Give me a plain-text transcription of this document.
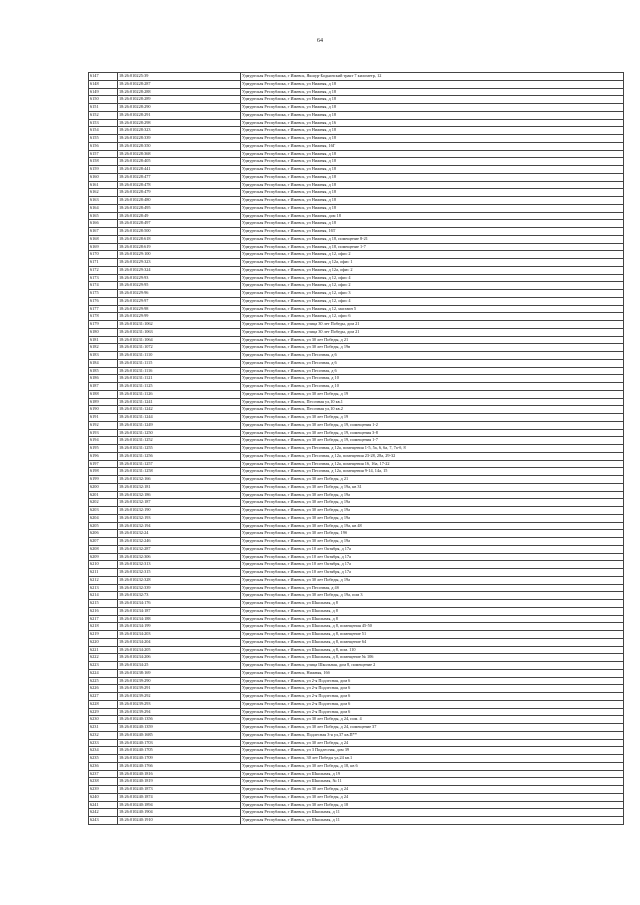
64
6147	18:26:010225:39	Удмуртская Республика, г Ижевск, Якшур-Бодьинский тракт 7 километр, 12
6148	18:26:010228:287	Удмуртская Республика, г Ижевск, ул Нижняя, д 18
6149	18:26:010228:288	Удмуртская Республика, г Ижевск, ул Нижняя, д 18
6150	18:26:010228:289	Удмуртская Республика, г Ижевск, ул Нижняя, д 18
6151	18:26:010228:290	Удмуртская Республика, г Ижевск, ул Нижняя, д 18
6152	18:26:010228:291	Удмуртская Республика, г Ижевск, ул Нижняя, д 18
6153	18:26:010228:298	Удмуртская Республика, г Ижевск, ул Нижняя, д 16
6154	18:26:010228:323	Удмуртская Республика, г Ижевск, ул Нижняя, д 18
6155	18:26:010228:339	Удмуртская Республика, г Ижевск, ул Нижняя, д 18
6156	18:26:010228:350	Удмуртская Республика, г Ижевск, ул Нижняя, 16Г
6157	18:26:010228:368	Удмуртская Республика, г Ижевск, ул Нижняя, д 18
6158	18:26:010228:405	Удмуртская Республика, г Ижевск, ул Нижняя, д 18
6159	18:26:010228:441	Удмуртская Республика, г Ижевск, ул Нижняя, д 18
6160	18:26:010228:477	Удмуртская Республика, г Ижевск, ул Нижняя, д 18
6161	18:26:010228:478	Удмуртская Республика, г Ижевск, ул Нижняя, д 18
6162	18:26:010228:479	Удмуртская Республика, г Ижевск, ул Нижняя, д 18
6163	18:26:010228:480	Удмуртская Республика, г Ижевск, ул Нижняя, д 18
6164	18:26:010228:495	Удмуртская Республика, г Ижевск, ул Нижняя, д 18
6165	18:26:010228:49	Удмуртская Республика, г Ижевск, ул Нижняя, дом 18
6166	18:26:010228:497	Удмуртская Республика, г Ижевск, ул Нижняя, д 18
6167	18:26:010228:500	Удмуртская Республика, г Ижевск, ул Нижняя, 16Т
6168	18:26:010228:618	Удмуртская Республика, г Ижевск, ул Нижняя, д 18, помещение 8-21
6169	18:26:010228:619	Удмуртская Республика, г Ижевск, ул Нижняя, д 18, помещение 1-7
6170	18:26:010229:100	Удмуртская Республика, г Ижевск, ул Нижняя, д 12, офис 2
6171	18:26:010229:323	Удмуртская Республика, г Ижевск, ул Нижняя, д 12а, офис 1
6172	18:26:010229:324	Удмуртская Республика, г Ижевск, ул Нижняя, д 12а, офис 2
6173	18:26:010229:93	Удмуртская Республика, г Ижевск, ул Нижняя, д 12, офис 4
6174	18:26:010229:95	Удмуртская Республика, г Ижевск, ул Нижняя, д 12, офис 2
6175	18:26:010229:96	Удмуртская Республика, г Ижевск, ул Нижняя, д 12, офис 3
6176	18:26:010229:97	Удмуртская Республика, г Ижевск, ул Нижняя, д 12, офис 4
6177	18:26:010229:98	Удмуртская Республика, г Ижевск, ул Нижняя, д 12, магазин 5
6178	18:26:010229:99	Удмуртская Республика, г Ижевск, ул Нижняя, д 12, офис 6
6179	18:26:010231:1062	Удмуртская Республика, г Ижевск, улица 30 лет Победы, дом 21
6180	18:26:010231:1063	Удмуртская Республика, г Ижевск, улица 30 лет Победы, дом 21
6181	18:26:010231:1064	Удмуртская Республика, г Ижевск, ул 30 лет Победы, д 21
6182	18:26:010231:1072	Удмуртская Республика, г Ижевск, ул 30 лет Победы, д 19в
6183	18:26:010231:1110	Удмуртская Республика, г Ижевск, ул Песочная, д 6
6184	18:26:010231:1115	Удмуртская Республика, г Ижевск, ул Песочная, д 6
6185	18:26:010231:1116	Удмуртская Республика, г Ижевск, ул Песочная, д 6
6186	18:26:010231:1121	Удмуртская Республика, г Ижевск, ул Песочная, д 10
6187	18:26:010231:1125	Удмуртская Республика, г Ижевск, ул Песочная, д 10
6188	18:26:010231:1126	Удмуртская Республика, г Ижевск, ул 30 лет Победы, д 19
6189	18:26:010231:1241	Удмуртская Республика, г Ижевск, Песочная ул,10 кв.1
6190	18:26:010231:1242	Удмуртская Республика, г Ижевск, Песочная ул,10 кв.2
6191	18:26:010231:1244	Удмуртская Республика, г Ижевск, ул 30 лет Победы, д 19
6192	18:26:010231:1249	Удмуртская Республика, г Ижевск, ул 30 лет Победы, д 19, помещения 1-2
6193	18:26:010231:1250	Удмуртская Республика, г Ижевск, ул 30 лет Победы, д 19, помещения 3-8
6194	18:26:010231:1252	Удмуртская Республика, г Ижевск, ул 30 лет Победы, д 19, помещения 1-7
6195	18:26:010231:1255	Удмуртская Республика, г Ижевск, ул Песочная, д 12а, помещения 1-5, 5а, 6, 6а, 7, 7а-б, 8
6196	18:26:010231:1256	Удмуртская Республика, г Ижевск, ул Песочная, д 12а, помещения 23-28, 28а, 29-32
6197	18:26:010231:1257	Удмуртская Республика, г Ижевск, ул Песочная, д 12а, помещения 16, 16а, 17-22
6198	18:26:010231:1258	Удмуртская Республика, г Ижевск, ул Песочная, д 12а, помещения 9-14, 14а, 15
6199	18:26:010232:166	Удмуртская Республика, г Ижевск, ул 30 лет Победы, д 21
6200	18:26:010232:181	Удмуртская Республика, г Ижевск, ул 30 лет Победы, д 19а, кв 31
6201	18:26:010232:186	Удмуртская Республика, г Ижевск, ул 30 лет Победы, д 19а
6202	18:26:010232:187	Удмуртская Республика, г Ижевск, ул 30 лет Победы, д 19а
6203	18:26:010232:190	Удмуртская Республика, г Ижевск, ул 30 лет Победы, д 19а
6204	18:26:010232:193	Удмуртская Республика, г Ижевск, ул 30 лет Победы, д 19а
6205	18:26:010232:194	Удмуртская Республика, г Ижевск, ул 30 лет Победы, д 19а, кв 48
6206	18:26:010232:24	Удмуртская Республика, г Ижевск, ул 30 лет Победы, 19б
6207	18:26:010232:246	Удмуртская Республика, г Ижевск, ул 30 лет Победы, д 19а
6208	18:26:010232:287	Удмуртская Республика, г Ижевск, ул 10 лет Октября, д 17а
6209	18:26:010232:306	Удмуртская Республика, г Ижевск, ул 10 лет Октября, д 17а
6210	18:26:010232:313	Удмуртская Республика, г Ижевск, ул 10 лет Октября, д 17а
6211	18:26:010232:315	Удмуртская Республика, г Ижевск, ул 10 лет Октября, д 17а
6212	18:26:010232:328	Удмуртская Республика, г Ижевск, ул 30 лет Победы, д 19а
6213	18:26:010232:339	Удмуртская Республика, г Ижевск, ул Песочная, д 4б
6214	18:26:010232:73	Удмуртская Республика, г Ижевск, ул 30 лет Победы, д 19а, пом 3
6215	18:26:010234:176	Удмуртская Республика, г Ижевск, ул Школьная, д 8
6216	18:26:010234:187	Удмуртская Республика, г Ижевск, ул Школьная, д 8
6217	18:26:010234:188	Удмуртская Республика, г Ижевск, ул Школьная, д 8
6218	18:26:010234:199	Удмуртская Республика, г Ижевск, ул Школьная, д 8, помещения 45-50
6219	18:26:010234:203	Удмуртская Республика, г Ижевск, ул Школьная, д 8, помещение 51
6220	18:26:010234:204	Удмуртская Республика, г Ижевск, ул Школьная, д 8, помещение 64
6221	18:26:010234:205	Удмуртская Республика, г Ижевск, ул Школьная, д 8, пом. 110
6222	18:26:010234:206	Удмуртская Республика, г Ижевск, ул Школьная, д 8, помещение № 106
6223	18:26:010234:25	Удмуртская Республика, г Ижевск, улица Школьная, дом 8, помещение 2
6224	18:26:010238:169	Удмуртская Республика, г Ижевск, Нижняя, 16б
6225	18:26:010239:290	Удмуртская Республика, г Ижевск, ул 2-я Подлесная, дом 6
6226	18:26:010239:291	Удмуртская Республика, г Ижевск, ул 2-я Подлесная, дом 6
6227	18:26:010239:292	Удмуртская Республика, г Ижевск, ул 2-я Подлесная, дом 6
6228	18:26:010239:293	Удмуртская Республика, г Ижевск, ул 2-я Подлесная, дом 6
6229	18:26:010239:294	Удмуртская Республика, г Ижевск, ул 2-я Подлесная, дом 6
6230	18:26:010240:1356	Удмуртская Республика, г Ижевск, ул 30 лет Победы, д 24, пом. 4
6231	18:26:010240:1359	Удмуртская Республика, г Ижевск, ул 30 лет Победы, д 24, помещение 37
6232	18:26:010240:1685	Удмуртская Республика, г Ижевск, Подлесная 3-я ул,37 кв.П**
6233	18:26:010240:1703	Удмуртская Республика, г Ижевск, ул 30 лет Победы, д 24
6234	18:26:010240:1705	Удмуртская Республика, г Ижевск, ул 3 Подлесная, дом 39
6235	18:26:010240:1709	Удмуртская Республика, г Ижевск, 30 лет Победы ул,24 кв.1
6236	18:26:010240:1766	Удмуртская Республика, г Ижевск, ул 30 лет Победы, д 18, кв 6
6237	18:26:010240:1816	Удмуртская Республика, г Ижевск, ул Школьная, д 19
6238	18:26:010240:1819	Удмуртская Республика, г Ижевск, ул Школьная, № 11
6239	18:26:010240:1873	Удмуртская Республика, г Ижевск, ул 30 лет Победы, д 24
6240	18:26:010240:1874	Удмуртская Республика, г Ижевск, ул 30 лет Победы, д 24
6241	18:26:010240:1894	Удмуртская Республика, г Ижевск, ул 30 лет Победы, д 18
6242	18:26:010240:1904	Удмуртская Республика, г Ижевск, ул Школьная, д 11
6243	18:26:010240:1910	Удмуртская Республика, г Ижевск, ул Школьная, д 11
